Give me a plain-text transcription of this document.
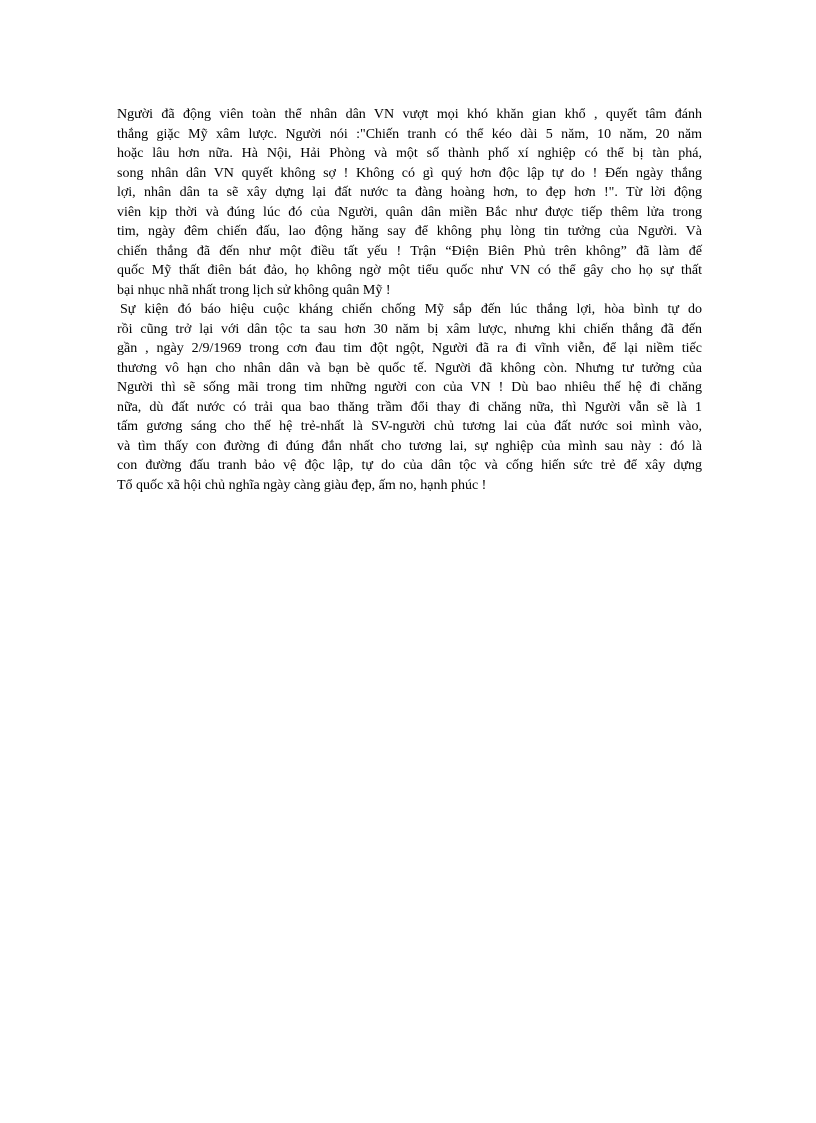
Người đã động viên toàn thể nhân dân VN vượt mọi khó khăn gian khổ , quyết tâm đánh
thắng giặc Mỹ xâm lược. Người nói :"Chiến tranh có thể kéo dài 5 năm, 10 năm, 20 năm
hoặc lâu hơn nữa. Hà Nội, Hải Phòng và một số thành phố xí nghiệp có thể bị tàn phá,
song nhân dân VN quyết không sợ ! Không có gì quý hơn độc lập tự do ! Đến ngày thắng
lợi, nhân dân ta sẽ xây dựng lại đất nước ta đàng hoàng hơn, to đẹp hơn !". Từ lời động
viên kịp thời và đúng lúc đó của Người, quân dân miền Bắc như được tiếp thêm lửa trong
tim, ngày đêm chiến đấu, lao động hăng say để không phụ lòng tin tưởng của Người. Và
chiến thắng đã đến như một điều tất yếu ! Trận “Điện Biên Phủ trên không” đã làm đế
quốc Mỹ thất điên bát đảo, họ không ngờ một tiểu quốc như VN có thể gây cho họ sự thất
bại nhục nhã nhất trong lịch sử không quân Mỹ !
Sự kiện đó báo hiệu cuộc kháng chiến chống Mỹ sắp đến lúc thắng lợi, hòa bình tự do
rồi cũng trở lại với dân tộc ta sau hơn 30 năm bị xâm lược, nhưng khi chiến thắng đã đến
gần , ngày 2/9/1969 trong cơn đau tim đột ngột, Người đã ra đi vĩnh viễn, để lại niềm tiếc
thương vô hạn cho nhân dân và bạn bè quốc tế. Người đã không còn. Nhưng tư tưởng của
Người thì sẽ sống mãi trong tim những người con của VN ! Dù bao nhiêu thế hệ đi chăng
nữa, dù đất nước có trải qua bao thăng trầm đổi thay đi chăng nữa, thì Người vẫn sẽ là 1
tấm gương sáng cho thế hệ trẻ-nhất là SV-người chủ tương lai của đất nước soi mình vào,
và tìm thấy con đường đi đúng đắn nhất cho tương lai, sự nghiệp của mình sau này : đó là
con đường đấu tranh bảo vệ độc lập, tự do của dân tộc và cống hiến sức trẻ để xây dựng
Tổ quốc xã hội chủ nghĩa ngày càng giàu đẹp, ấm no, hạnh phúc !
